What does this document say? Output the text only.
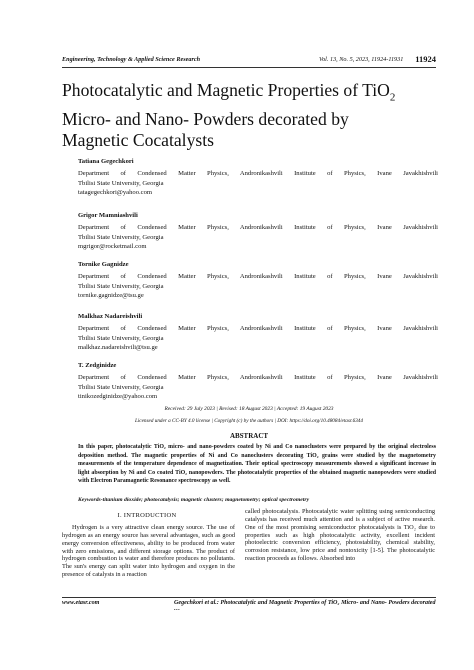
Engineering, Technology & Applied Science Research	Vol. 13, No. 5, 2023, 11924-11931 11924
Photocatalytic and Magnetic Properties of TiO$_2$
Micro- and Nano- Powders decorated by
Magnetic Cocatalysts
Tatiana Gegechkori
Department of Condensed Matter Physics, Andronikashvili Institute of Physics, Ivane Javakhishvili
Tbilisi State University, Georgia
tatagegechkori@yahoo.com
Grigor Mamniashvili
Department of Condensed Matter Physics, Andronikashvili Institute of Physics, Ivane Javakhishvili
Tbilisi State University, Georgia
mgrigor@rocketmail.com
Tornike Gagnidze
Department of Condensed Matter Physics, Andronikashvili Institute of Physics, Ivane Javakhishvili
Tbilisi State University, Georgia
tornike.gagnidze@tsu.ge
Malkhaz Nadareishvili
Department of Condensed Matter Physics, Andronikashvili Institute of Physics, Ivane Javakhishvili
Tbilisi State University, Georgia
malkhaz.nadareishvili@tsu.ge
T. Zedginidze
Department of Condensed Matter Physics, Andronikashvili Institute of Physics, Ivane Javakhishvili
Tbilisi State University, Georgia
tinikozedginidze@yahoo.com
Received: 29 July 2023 | Revised: 18 August 2023 | Accepted: 19 August 2023
Licensed under a CC-BY 4.0 license | Copyright (c) by the authors | DOI: https://doi.org/10.48084/etasr.6344
ABSTRACT
In this paper, photocatalytic TiO₂ micro- and nano-powders coated by Ni and Co nanoclusters were prepared by the original electroless deposition method. The magnetic properties of Ni and Co nanoclusters decorating TiO₂ grains were studied by the magnetometry measurements of the temperature dependence of magnetization. Their optical spectroscopy measurements showed a significant increase in light absorption by Ni and Co coated TiO₂ nanopowders. The photocatalytic properties of the obtained magnetic nanopowders were studied with Electron Paramagnetic Resonance spectroscopy as well.
Keywords-titanium dioxide; photocatalysis; magnetic clusters; magnetometry; optical spectrometry
I. INTRODUCTION
Hydrogen is a very attractive clean energy source. The use of hydrogen as an energy source has several advantages, such as good energy conversion effectiveness, ability to be produced from water with zero emissions, and different storage options. The product of hydrogen combustion is water and therefore produces no pollutants. The sun's energy can split water into hydrogen and oxygen in the presence of catalysts in a reaction
called photocatalysis. Photocatalytic water splitting using semiconducting catalysts has received much attention and is a subject of active research. One of the most promising semiconductor photocatalysts is TiO₂ due to properties such as high photocatalytic activity, excellent incident photoelectric conversion efficiency, photostability, chemical stability, corrosion resistance, low price and nontoxicity [1-5]. The photocatalytic reaction proceeds as follows. Absorbed into
www.etasr.com	Gegechkori et al.: Photocatalytic and Magnetic Properties of TiO₂ Micro- and Nano- Powders decorated …
